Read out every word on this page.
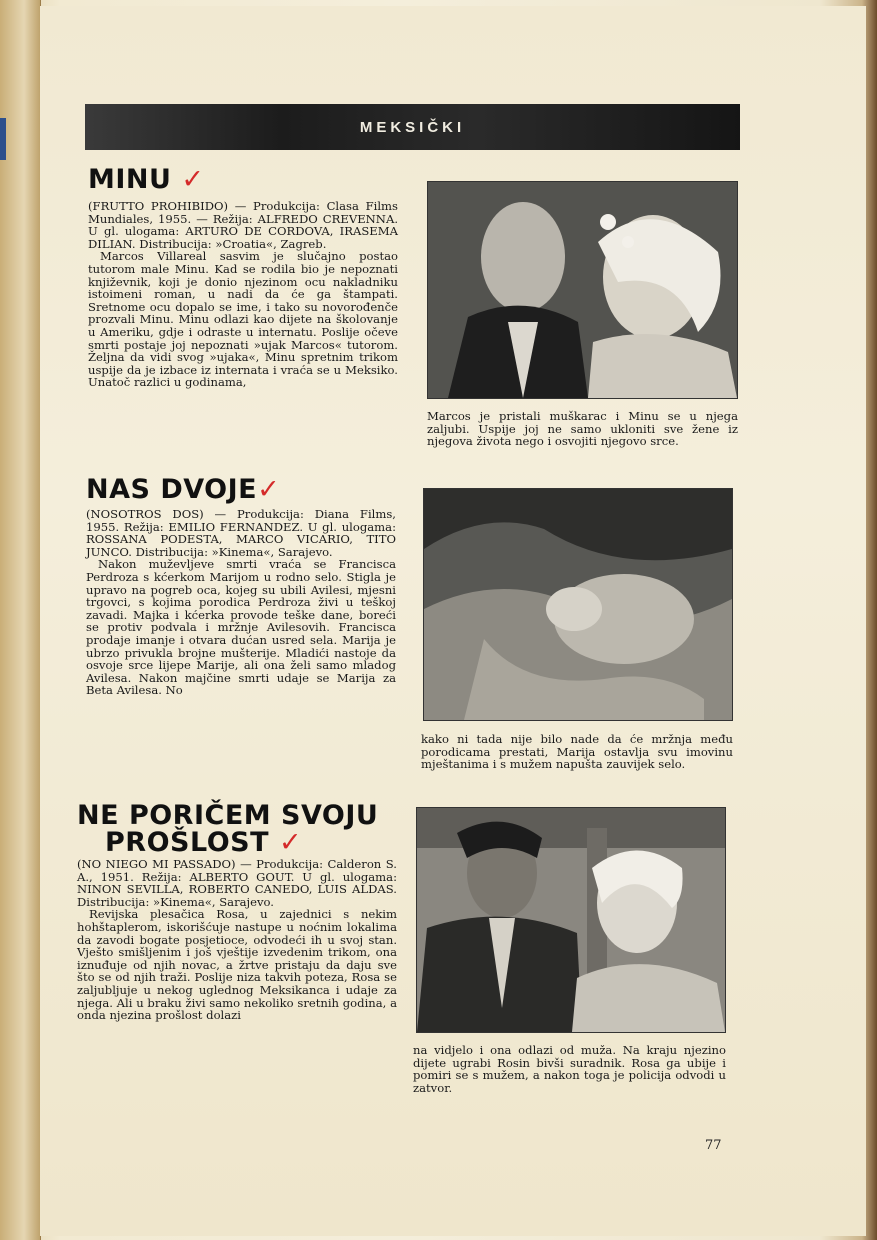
MEKSIČKI
MINU ✓

(FRUTTO PROHIBIDO) — Produkcija: Clasa Films Mundiales, 1955. — Režija: ALFREDO CREVENNA. U gl. ulogama: ARTURO DE CORDOVA, IRASEMA DILIAN. Distribucija: »Croatia«, Zagreb.

Marcos Villareal sasvim je slučajno postao tutorom male Minu. Kad se rodila bio je nepoznati književnik, koji je donio njezinom ocu nakladniku istoimeni roman, u nadi da će ga štampati. Sretnome ocu dopalo se ime, i tako su novorođenče prozvali Minu. Minu odlazi kao dijete na školovanje u Ameriku, gdje i odraste u internatu. Poslije očeve smrti postaje joj nepoznati »ujak Marcos« tutorom. Željna da vidi svog »ujaka«, Minu spretnim trikom uspije da je izbace iz internata i vraća se u Meksiko. Unatoč razlici u godinama,

Marcos je pristali muškarac i Minu se u njega zaljubi. Uspije joj ne samo ukloniti sve žene iz njegova života nego i osvojiti njegovo srce.

NAS DVOJE✓

(NOSOTROS DOS) — Produkcija: Diana Films, 1955. Režija: EMILIO FERNANDEZ. U gl. ulogama: ROSSANA PODESTA, MARCO VICARIO, TITO JUNCO. Distribucija: »Kinema«, Sarajevo.

Nakon muževljeve smrti vraća se Francisca Perdroza s kćerkom Marijom u rodno selo. Stigla je upravo na pogreb oca, kojeg su ubili Avilesi, mjesni trgovci, s kojima porodica Perdroza živi u teškoj zavadi. Majka i kćerka provode teške dane, boreći se protiv podvala i mržnje Avilesovih. Francisca prodaje imanje i otvara dućan usred sela. Marija je ubrzo privukla brojne mušterije. Mladići nastoje da osvoje srce lijepe Marije, ali ona želi samo mladog Avilesa. Nakon majčine smrti udaje se Marija za Beta Avilesa. No

kako ni tada nije bilo nade da će mržnja među porodicama prestati, Marija ostavlja svu imovinu mještanima i s mužem napušta zauvijek selo.

NE PORIČEM SVOJU
PROŠLOST ✓

(NO NIEGO MI PASSADO) — Produkcija: Calderon S. A., 1951. Režija: ALBERTO GOUT. U gl. ulogama: NINON SEVILLA, ROBERTO CANEDO, LUIS ALDAS. Distribucija: »Kinema«, Sarajevo.

Revijska plesačica Rosa, u zajednici s nekim hohštaplerom, iskorišćuje nastupe u noćnim lokalima da zavodi bogate posjetioce, odvodeći ih u svoj stan. Vješto smišljenim i još vještije izvedenim trikom, ona iznuđuje od njih novac, a žrtve pristaju da daju sve što se od njih traži. Poslije niza takvih poteza, Rosa se zaljubljuje u nekog uglednog Meksikanca i udaje za njega. Ali u braku živi samo nekoliko sretnih godina, a onda njezina prošlost dolazi

na vidjelo i ona odlazi od muža. Na kraju njezino dijete ugrabi Rosin bivši suradnik. Rosa ga ubije i pomiri se s mužem, a nakon toga je policija odvodi u zatvor.

77
